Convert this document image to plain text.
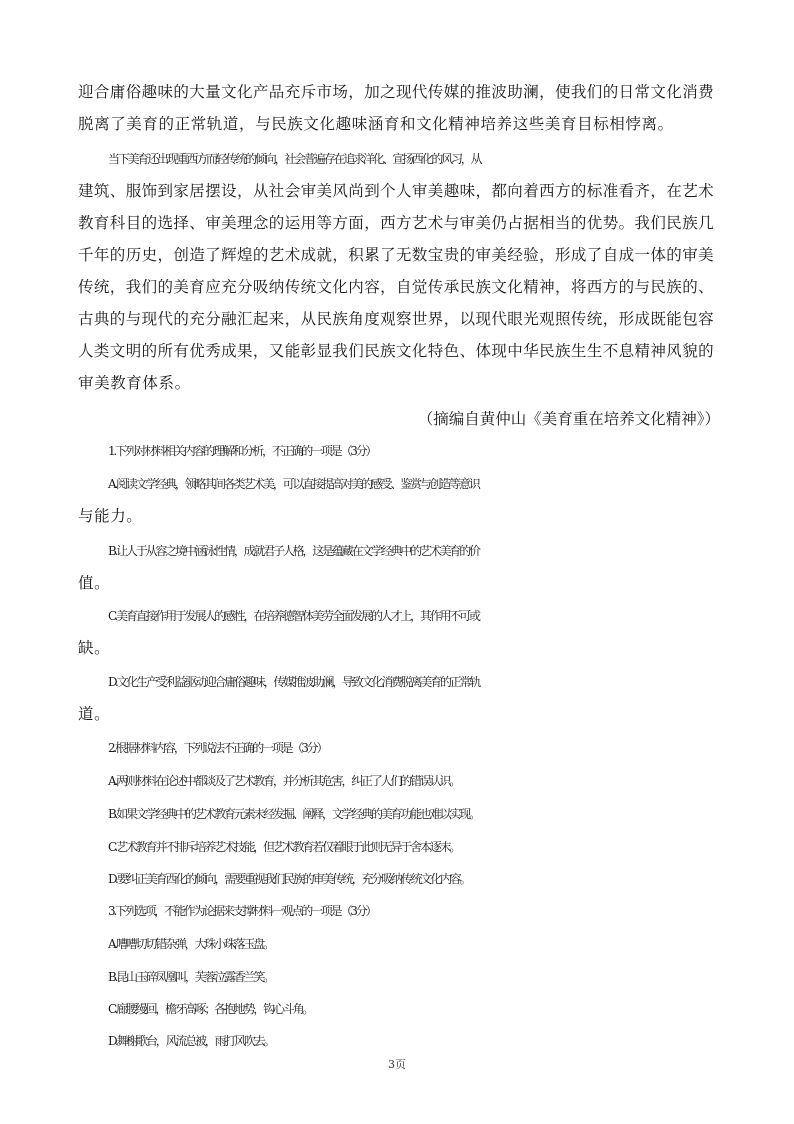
迎合庸俗趣味的大量文化产品充斥市场，加之现代传媒的推波助澜，使我们的日常文化消费
脱离了美育的正常轨道，与民族文化趣味涵育和文化精神培养这些美育目标相悖离。
当下美育还出现重西方而轻传统的倾向，社会普遍存在追求洋化、宣扬西化的风习，从
建筑、服饰到家居摆设，从社会审美风尚到个人审美趣味，都向着西方的标准看齐，在艺术
教育科目的选择、审美理念的运用等方面，西方艺术与审美仍占据相当的优势。我们民族几
千年的历史，创造了辉煌的艺术成就，积累了无数宝贵的审美经验，形成了自成一体的审美
传统，我们的美育应充分吸纳传统文化内容，自觉传承民族文化精神，将西方的与民族的、
古典的与现代的充分融汇起来，从民族角度观察世界，以现代眼光观照传统，形成既能包容
人类文明的所有优秀成果，又能彰显我们民族文化特色、体现中华民族生生不息精神风貌的
审美教育体系。
（摘编自黄仲山《美育重在培养文化精神》）
1.下列对材料相关内容的理解和分析，不正确的一项是（3分）
A.阅读文学经典，领略其间各类艺术美，可以直接提高对美的感受、鉴赏与创造等意识
与能力。
B.让人于从容之境中涵泳性情，成就君子人格，这是蕴藏在文学经典中的艺术美育的价
值。
C.美育直接作用于发展人的感性，在培养德智体美劳全面发展的人才上，其作用不可或
缺。
D.文化生产受利益驱动迎合庸俗趣味，传媒推波助澜，导致文化消费脱离美育的正常轨
道。
2.根据材料内容，下列说法不正确的一项是（3分）
A.两则材料在论述中都谈及了艺术教育，并分析其危害，纠正了人们的错误认识。
B.如果文学经典中的艺术教育元素未经发掘、阐释，文学经典的美育功能也难以实现。
C.艺术教育并不排斥培养艺术技能，但艺术教育若仅着眼于此则无异于舍本逐末。
D.要纠正美育西化的倾向，需要重视我们民族的审美传统，充分吸纳传统文化内容。
3.下列选项，不能作为论据来支撑材料一观点的一项是（3分）
A.嘈嘈切切错杂弹，大珠小珠落玉盘。
B.昆山玉碎凤凰叫，芙蓉泣露香兰笑。
C.廊腰缦回，檐牙高啄；各抱地势，钩心斗角。
D.舞榭歌台，风流总被，雨打风吹去。
3页
